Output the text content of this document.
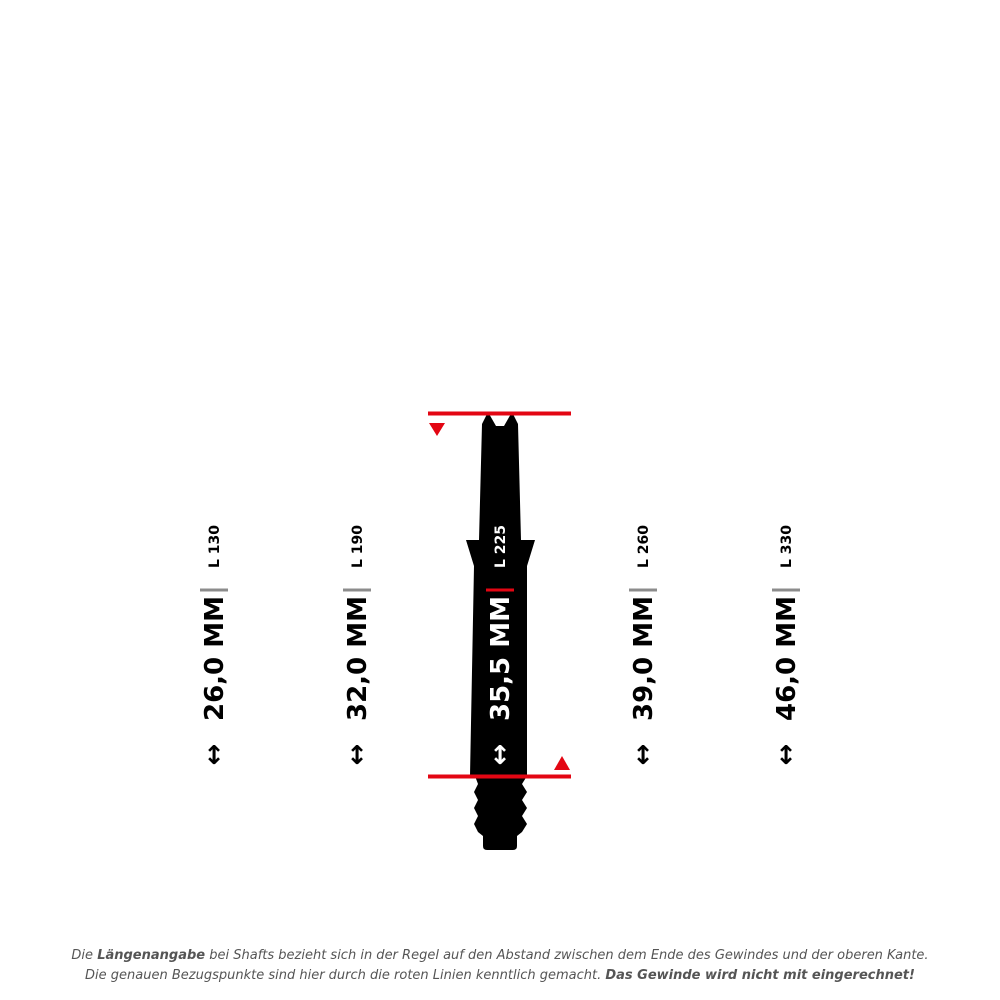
L 130
26,0 MM
↕
L 190
32,0 MM
↕
L 225
35,5 MM
↕
L 260
39,0 MM
↕
L 330
46,0 MM
↕
Die Längenangabe bei Shafts bezieht sich in der Regel auf den Abstand zwischen dem Ende des Gewindes und der oberen Kante.
Die genauen Bezugspunkte sind hier durch die roten Linien kenntlich gemacht. Das Gewinde wird nicht mit eingerechnet!
